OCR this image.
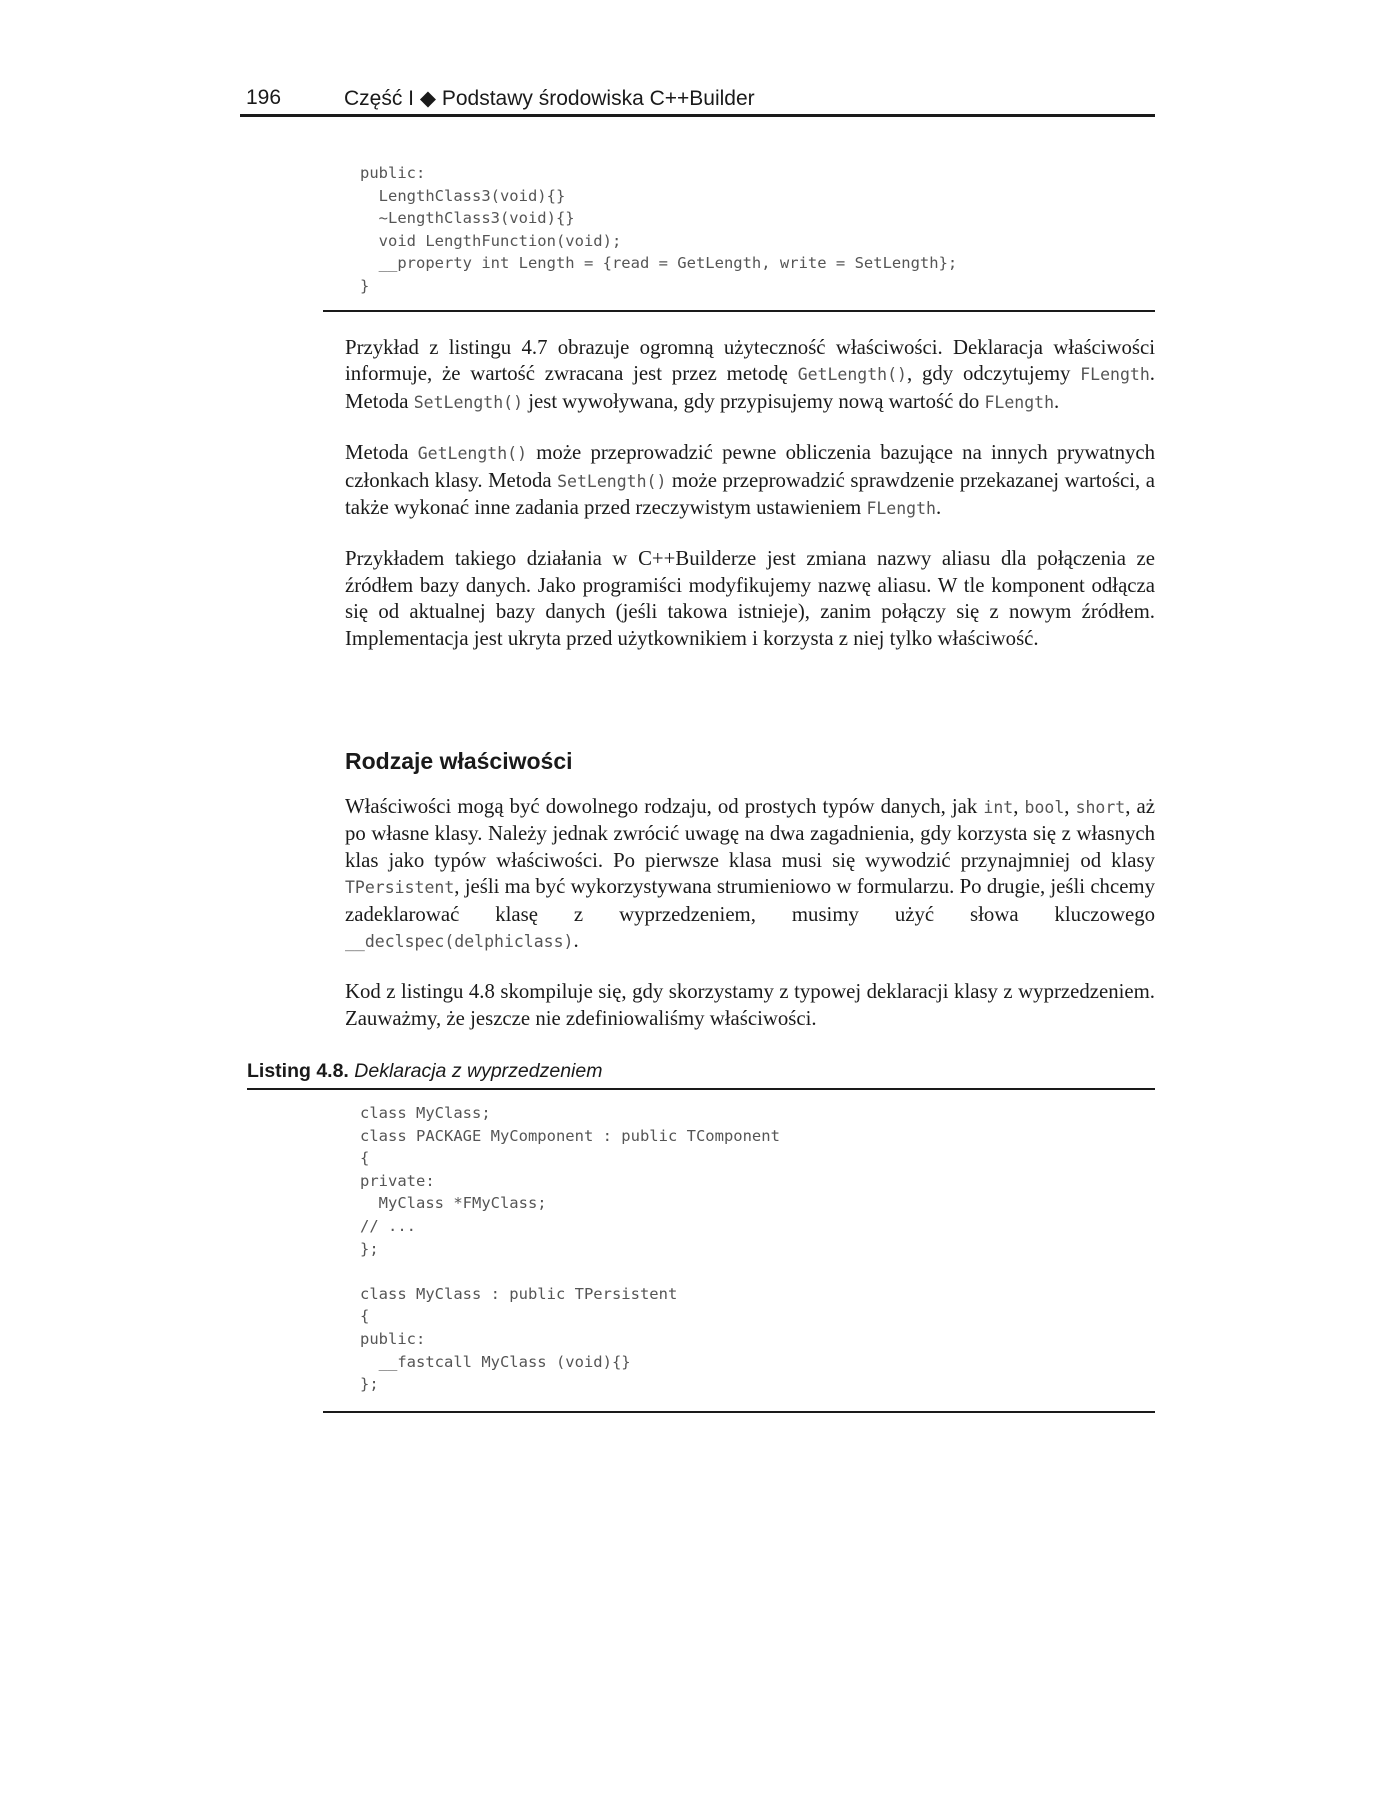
196	Część I ◆ Podstawy środowiska C++Builder
public:
LengthClass3(void){}
~LengthClass3(void){}
void LengthFunction(void);
__property int Length = {read = GetLength, write = SetLength};
}

Przykład z listingu 4.7 obrazuje ogromną użyteczność właściwości. Deklaracja właściwości informuje, że wartość zwracana jest przez metodę GetLength(), gdy odczytujemy FLength. Metoda SetLength() jest wywoływana, gdy przypisujemy nową wartość do FLength.

Metoda GetLength() może przeprowadzić pewne obliczenia bazujące na innych prywatnych członkach klasy. Metoda SetLength() może przeprowadzić sprawdzenie przekazanej wartości, a także wykonać inne zadania przed rzeczywistym ustawieniem FLength.

Przykładem takiego działania w C++Builderze jest zmiana nazwy aliasu dla połączenia ze źródłem bazy danych. Jako programiści modyfikujemy nazwę aliasu. W tle komponent odłącza się od aktualnej bazy danych (jeśli takowa istnieje), zanim połączy się z nowym źródłem. Implementacja jest ukryta przed użytkownikiem i korzysta z niej tylko właściwość.

Rodzaje właściwości

Właściwości mogą być dowolnego rodzaju, od prostych typów danych, jak int, bool, short, aż po własne klasy. Należy jednak zwrócić uwagę na dwa zagadnienia, gdy korzysta się z własnych klas jako typów właściwości. Po pierwsze klasa musi się wywodzić przynajmniej od klasy TPersistent, jeśli ma być wykorzystywana strumieniowo w formularzu. Po drugie, jeśli chcemy zadeklarować klasę z wyprzedzeniem, musimy użyć słowa kluczowego __declspec(delphiclass).

Kod z listingu 4.8 skompiluje się, gdy skorzystamy z typowej deklaracji klasy z wyprzedzeniem. Zauważmy, że jeszcze nie zdefiniowaliśmy właściwości.

Listing 4.8. Deklaracja z wyprzedzeniem
class MyClass;
class PACKAGE MyComponent : public TComponent
{
private:
MyClass *FMyClass;
// ...
};

class MyClass : public TPersistent
{
public:
__fastcall MyClass (void){}
};
